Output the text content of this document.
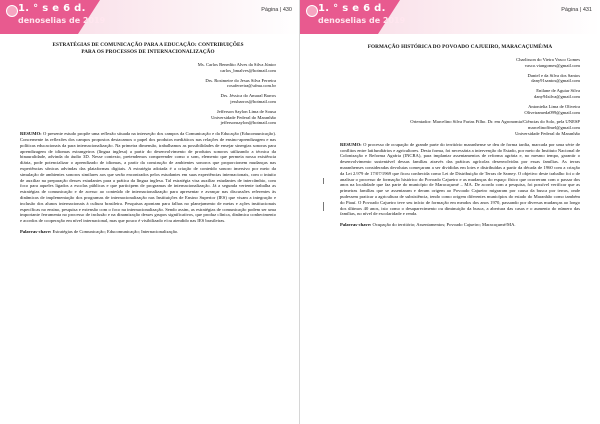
1. ° s e 6 d.
denoselias de 2019
Página | 430
ESTRATÉGIAS DE COMUNICAÇÃO PARA A EDUCAÇÃO: CONTRIBUIÇÕES
PARA OS PROCESSOS DE INTERNACIONALIZAÇÃO
Ms. Carlos Benedito Alves da Silva Júnior
carlos_bmalves@hotmail.com
Drs. Rosimeire do Jesus Silva Ferreira
rosaferreira@ufma.com.br
Drs. Jéssica do Amaral Barros
jessbarros@hotmail.com
Jefferson Saylon Lima de Sousa
Universidade Federal do Maranhão
jeffersonsaylon@hotmail.com

RESUMO: O presente estudo propõe uma reflexão situada na interseção dos campos da Comunicação e da Educação (Educomunicação). Concernente às reflexões dos campos propostos destacamos o papel dos produtos mediáticos nas relações de ensino-aprendizagem e nas políticas educacionais da para internacionalização. Na primeira dimensão, trabalhamos as possibilidades de ensejar sinergias sonoras para aprendizagem de idiomas estrangeiros (língua inglesa) a partir do desenvolvimento de produtos sonoros utilizando a técnica da binauralidade, advinda do áudio 3D. Nesse contexto, pretendemos compreender como o som, elemento que permeia nossa existência diária, pode potencializar o aprendizado de idiomas, a partir da construção de ambientes sonoros que proporcionem mudanças nas experiências sônicas advindas das plataformas digitais. A estratégia adotada é a criação de conteúdo sonoro imersivo por meio da simulação de ambientes sonoros similares aos que serão encontrados pelos estudantes em suas experiências internacionais, com o intuito de auxiliar na preparação desses estudantes para a prática da língua inglesa. Tal estratégia visa auxiliar estudantes de intercâmbio, com foco para aqueles ligados a escolas públicas e que participem de programas de internacionalização. Já a segunda vertente trabalha as estratégias de comunicação e de acesso ao conteúdo de internacionalização para apresentar e avançar nas discussões referentes às dinâmicas de implementação dos programas de internacionalização nas Instituições de Ensino Superior (IES) que visam a integração e inclusão dos alunos internacionais à cultura brasileira. Pesquisas apontam para falhas no planejamento de metas e ações institucionais específicas no ensino, pesquisa e extensão com o foco na internacionalização. Sendo assim, as estratégias de comunicação podem ser uma importante ferramenta no processo de inclusão e na dinamização desses grupos significativos, que produz clínica, dinâmica conhecimento e acordos de cooperação em nível internacional, mas que pouco é visibilizado e/ou atendido nas IES brasileiras.

Palavras-chave: Estratégias de Comunicação; Educomunicação; Internacionalização.

1. ° s e 6 d.
denoselias de 2019
Página | 431
FORMAÇÃO HISTÓRICA DO POVOADO CAJUEIRO, MARACAÇUMÉ/MA
Charlisson do Vieira Vasco Gomes
vasco.viangomes@gmail.com
Daniel e da Silva dos Santos
dany91santos@gmail.com
Enilane de Aguiar Silva
dany94silva@gmail.com
Antonielia Lima de Oliveira
Oliveirameda099@gmail.com
Orientador: Marcelino Silva Farias Filho. Dr. em Agronomia/Ciências do Solo, pela UNESP
marcelinoffmel@gmail.com
Universidade Federal do Maranhão

RESUMO: O processo de ocupação de grande parte do território maranhense se deu de forma tardia, marcada por uma série de conflitos entre latifundiários e agricultores. Desta forma, foi necessária a intervenção do Estado, por meio do Instituto Nacional de Colonização e Reforma Agrária (INCRA), para implantar assentamentos de reforma agrária e, no mesmo tempo, garantir o desenvolvimento sustentável dessas famílias através das práticas agrícolas desenvolvidas por essas famílias. As terras maranhenses consideradas devolutas começaram a ser divididas em lotes e distribuídas a partir da década de 1960 com a criação da Lei 2.979 de 17/07/1969 que ficou conhecida como Lei de Distribuição de Terras de Sarney. O objetivo deste trabalho foi o de analisar o processo de formação histórico do Povoado Cajueiro e as mudanças do espaço físico que ocorreram com o passar dos anos na localidade que faz parte do município de Maracaçumé – MA. De acordo com a pesquisa, foi possível verificar que as primeiras famílias que se assentaram e deram origem ao Povoado Cajueiro migraram por causa da busca por terras, onde pudessem praticar a agricultura de subsistência, tendo como origem diferentes municípios do estado do Maranhão como também do Piauí. O Povoado Cajueiro teve seu início de formação em meados dos anos 1970, passando por diversas mudanças ao longo dos últimos 40 anos, isto como o desaparecimento ou diminuição da busca, a abertura das casas e o aumento do número das famílias, no nível de escolaridade e renda.

Palavras-chave: Ocupação do território; Assentamentos; Povoado Cajueiro; Maracaçumé/MA.
